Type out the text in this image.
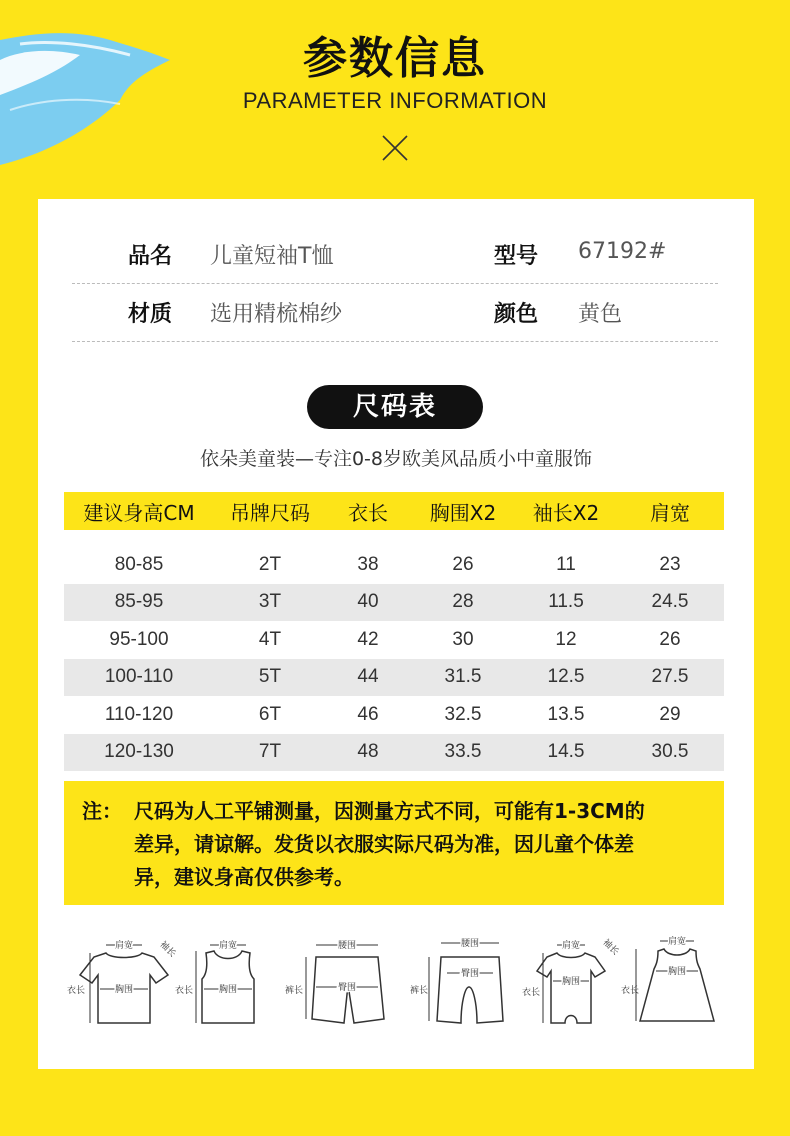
参数信息
PARAMETER INFORMATION
品名 儿童短袖T恤	型号 67192#
材质 选用精梳棉纱	颜色 黄色
尺码表
依朵美童装—专注0-8岁欧美风品质小中童服饰
建议身高CM	吊牌尺码	衣长	胸围X2	袖长X2	肩宽

80-85	2T	38	26	11	23
85-95	3T	40	28	11.5	24.5
95-100	4T	42	30	12	26
100-110	5T	44	31.5	12.5	27.5
110-120	6T	46	32.5	13.5	29
120-130	7T	48	33.5	14.5	30.5
注： 尺码为人工平铺测量，因测量方式不同，可能有1-3CM的
差异，请谅解。发货以衣服实际尺码为准，因儿童个体差
异，建议身高仅供参考。
肩宽
胸围
衣长
袖长	肩宽
胸围
衣长
腰围
臀围
裤长
腰围
臀围
裤长
肩宽
胸围
衣长
袖长	肩宽
胸围
衣长
